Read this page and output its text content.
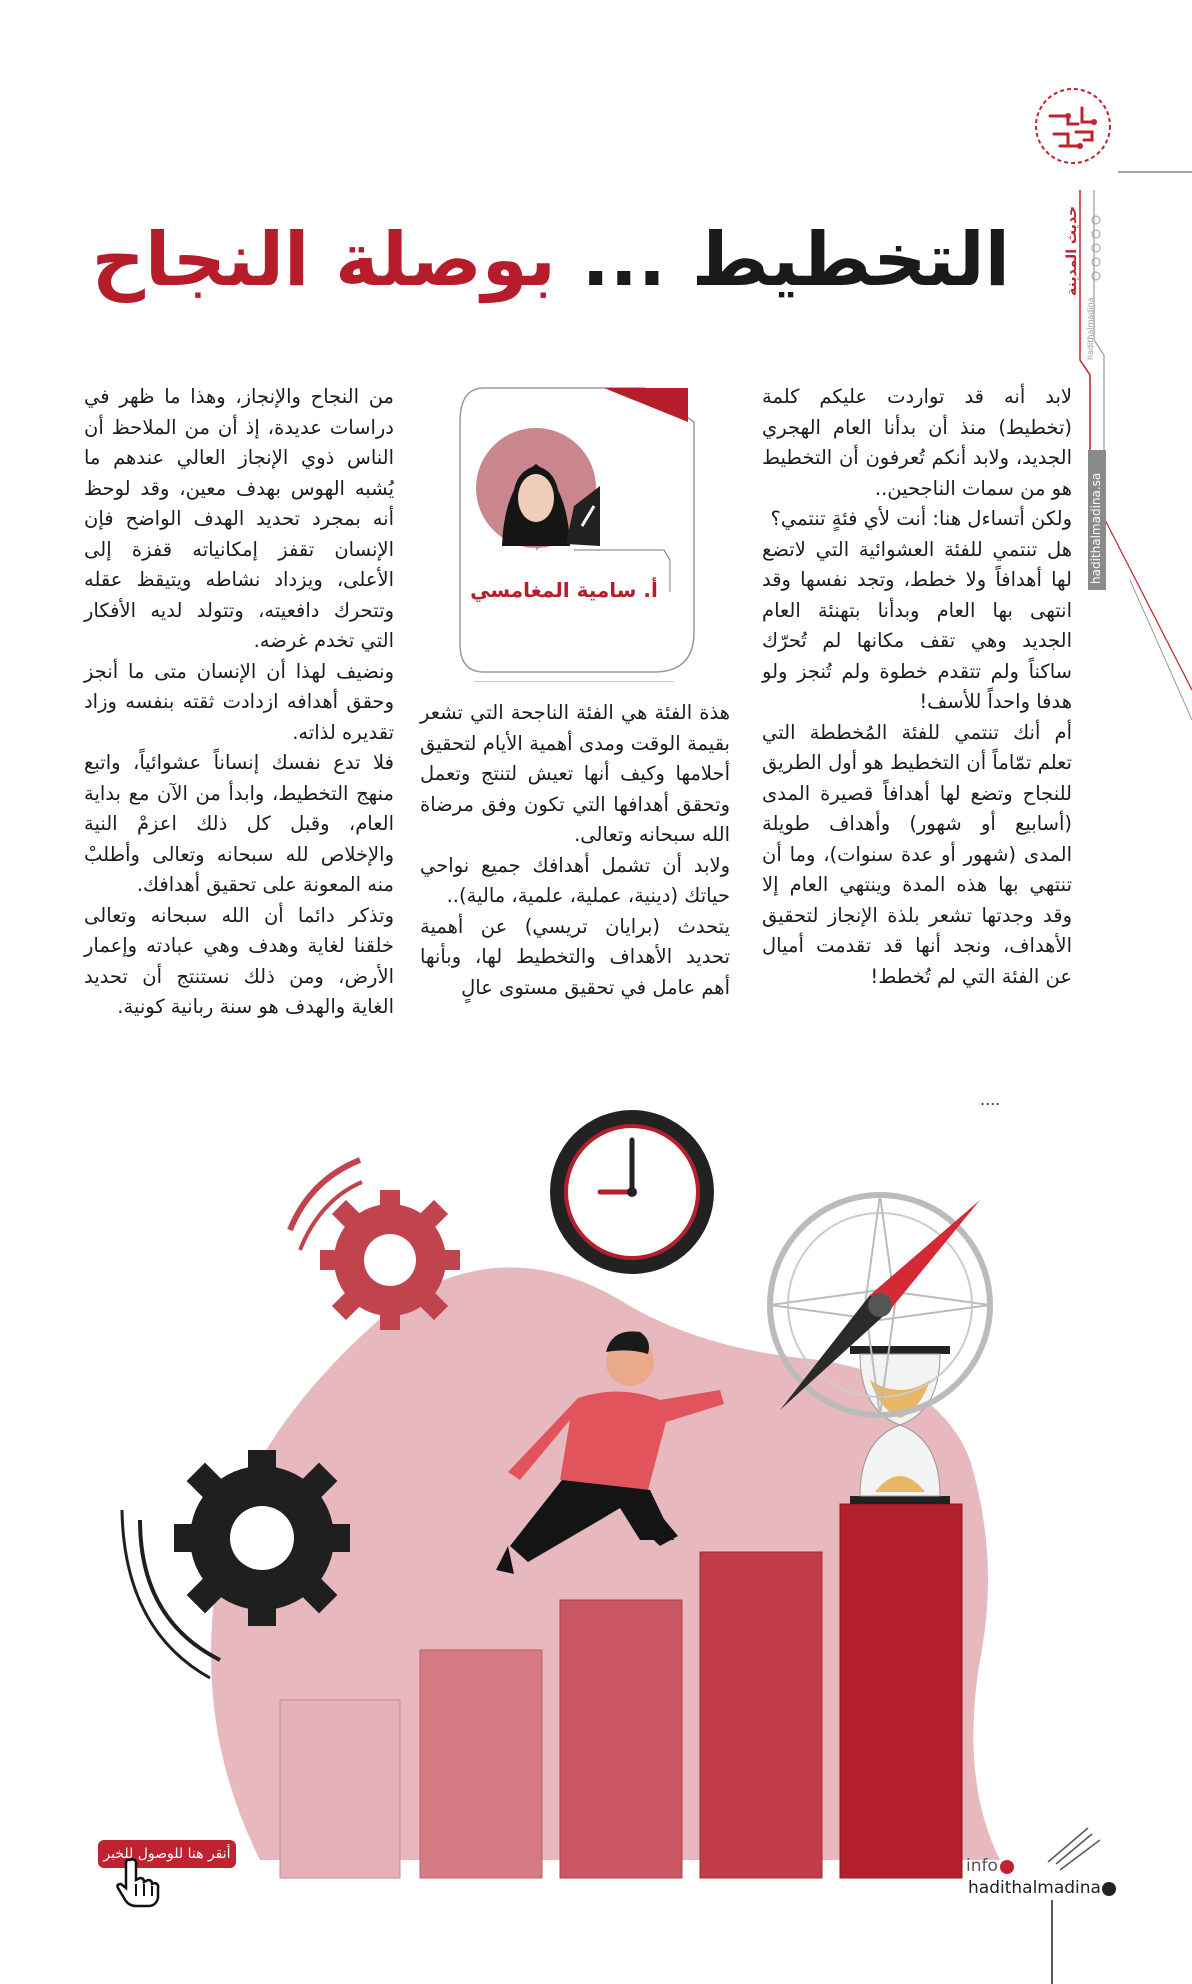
حديث المدينة
hadithalmadina
hadithalmadina.sa
التخطيط ... بوصلة النجاح

لابد أنه قد تواردت عليكم كلمة (تخطيط) منذ أن بدأنا العام الهجري الجديد، ولابد أنكم تُعرفون أن التخطيط هو من سمات الناجحين..

ولكن أتساءل هنا: أنت لأي فئةٍ تنتمي؟

هل تنتمي للفئة العشوائية التي لاتضع لها أهدافاً ولا خطط، وتجد نفسها وقد انتهى بها العام وبدأنا بتهنئة العام الجديد وهي تقف مكانها لم تُحرّك ساكناً ولم تتقدم خطوة ولم تُنجز ولو هدفا واحداً للأسف!

أم أنك تنتمي للفئة المُخططة التي تعلم تمّاماً أن التخطيط هو أول الطريق للنجاح وتضع لها أهدافاً قصيرة المدى (أسابيع أو شهور) وأهداف طويلة المدى (شهور أو عدة سنوات)، وما أن تنتهي بها هذه المدة وينتهي العام إلا وقد وجدتها تشعر بلذة الإنجاز لتحقيق الأهداف، ونجد أنها قد تقدمت أميال عن الفئة التي لم تُخطط!

أ. سامية المغامسي

هذة الفئة هي الفئة الناجحة التي تشعر بقيمة الوقت ومدى أهمية الأيام لتحقيق أحلامها وكيف أنها تعيش لتنتج وتعمل وتحقق أهدافها التي تكون وفق مرضاة الله سبحانه وتعالى.

ولابد أن تشمل أهدافك جميع نواحي حياتك (دينية، عملية، علمية، مالية)..

يتحدث (برايان تريسي) عن أهمية تحديد الأهداف والتخطيط لها، وبأنها أهم عامل في تحقيق مستوى عالٍ

من النجاح والإنجاز، وهذا ما ظهر في دراسات عديدة، إذ أن من الملاحظ أن الناس ذوي الإنجاز العالي عندهم ما يُشبه الهوس بهدف معين، وقد لوحظ أنه بمجرد تحديد الهدف الواضح فإن الإنسان تقفز إمكانياته قفزة إلى الأعلى، ويزداد نشاطه ويتيقظ عقله وتتحرك دافعيته، وتتولد لديه الأفكار التي تخدم غرضه.

ونضيف لهذا أن الإنسان متى ما أنجز وحقق أهدافه ازدادت ثقته بنفسه وزاد تقديره لذاته.

فلا تدع نفسك إنساناً عشوائياً، واتبع منهج التخطيط، وابدأ من الآن مع بداية العام، وقبل كل ذلك اعزمْ النية والإخلاص لله سبحانه وتعالى وأطلبْ منه المعونة على تحقيق أهدافك.

وتذكر دائما أن الله سبحانه وتعالى خلقنا لغاية وهدف وهي عبادته وإعمار الأرض، ومن ذلك نستنتج أن تحديد الغاية والهدف هو سنة ربانية كونية.

....
info
hadithalmadina
أنقر هنا للوصول للخبر
